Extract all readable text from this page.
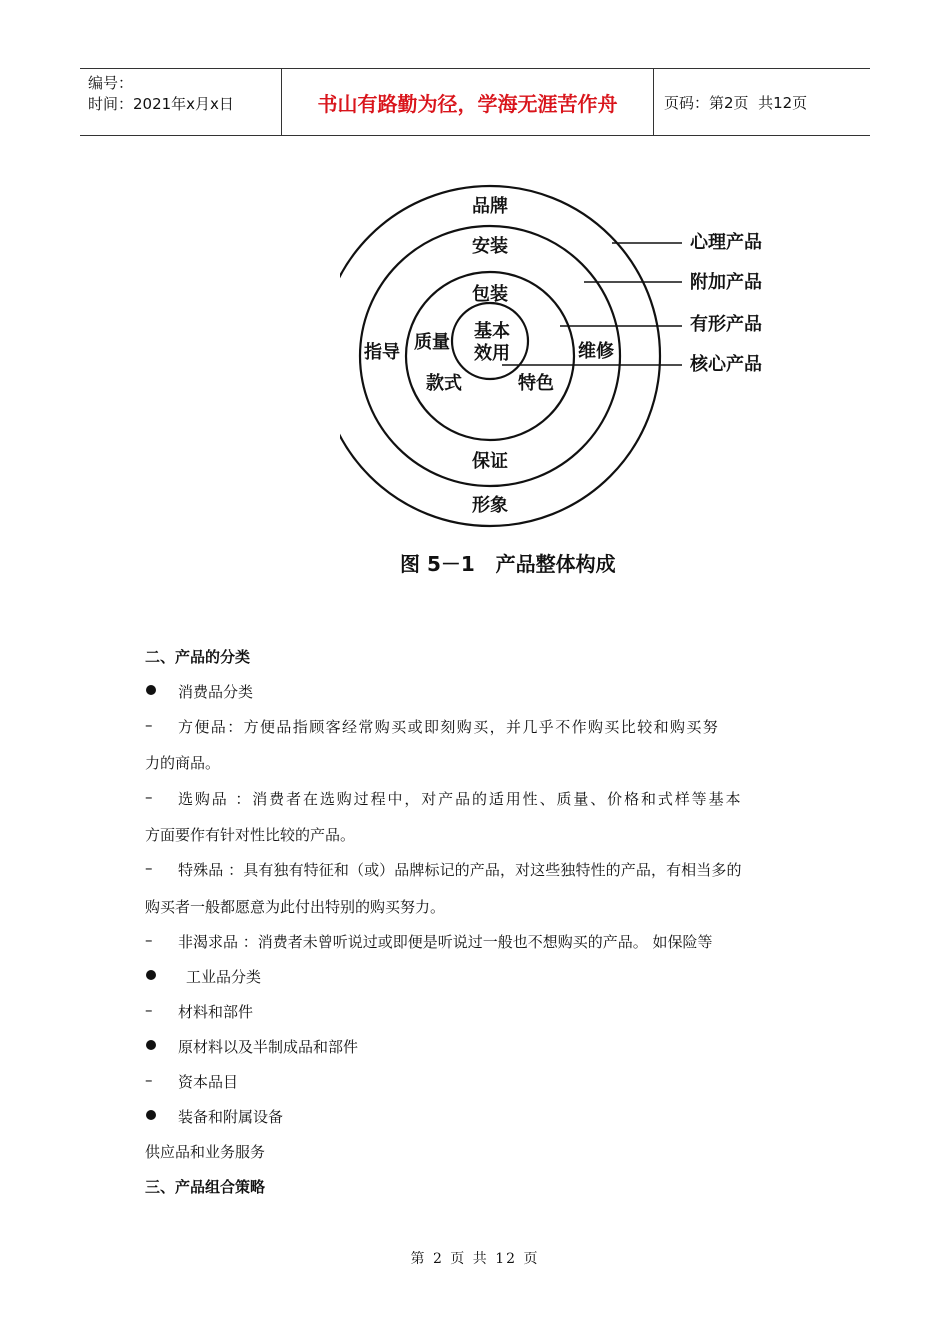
编号：
时间：2021年x月x日	书山有路勤为径，学海无涯苦作舟	页码：第2页  共12页
品牌
形象
安装
指导	维修
保证
包装
质量
款式	特色
基本
效用
心理产品
附加产品
有形产品
核心产品
图 5－1   产品整体构成
二、产品的分类
消费品分类
– 方便品：方便品指顾客经常购买或即刻购买，并几乎不作购买比较和购买努
力的商品。
– 选购品 ：消费者在选购过程中，对产品的适用性、质量、价格和式样等基本
方面要作有针对性比较的产品。
– 特殊品 ：具有独有特征和（或）品牌标记的产品，对这些独特性的产品，有相当多的
购买者一般都愿意为此付出特别的购买努力。
– 非渴求品 ：消费者未曾听说过或即便是听说过一般也不想购买的产品。 如保险等
工业品分类
– 材料和部件
原材料以及半制成品和部件
– 资本品目
装备和附属设备
供应品和业务服务
三、产品组合策略
第 2 页 共 12 页
